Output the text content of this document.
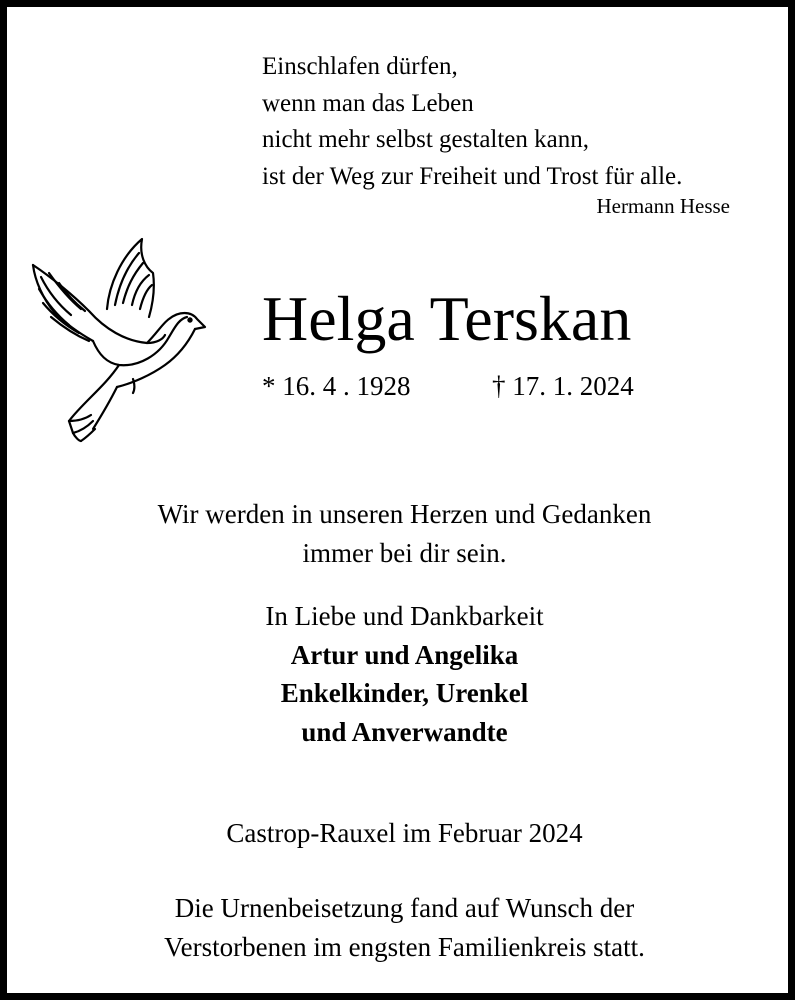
Einschlafen dürfen,
wenn man das Leben
nicht mehr selbst gestalten kann,
ist der Weg zur Freiheit und Trost für alle.
Hermann Hesse
Helga Terskan
* 16. 4 . 1928	† 17. 1. 2024
Wir werden in unseren Herzen und Gedanken
immer bei dir sein.
In Liebe und Dankbarkeit
Artur und Angelika
Enkelkinder, Urenkel
und Anverwandte
Castrop-Rauxel im Februar 2024
Die Urnenbeisetzung fand auf Wunsch der
Verstorbenen im engsten Familienkreis statt.
